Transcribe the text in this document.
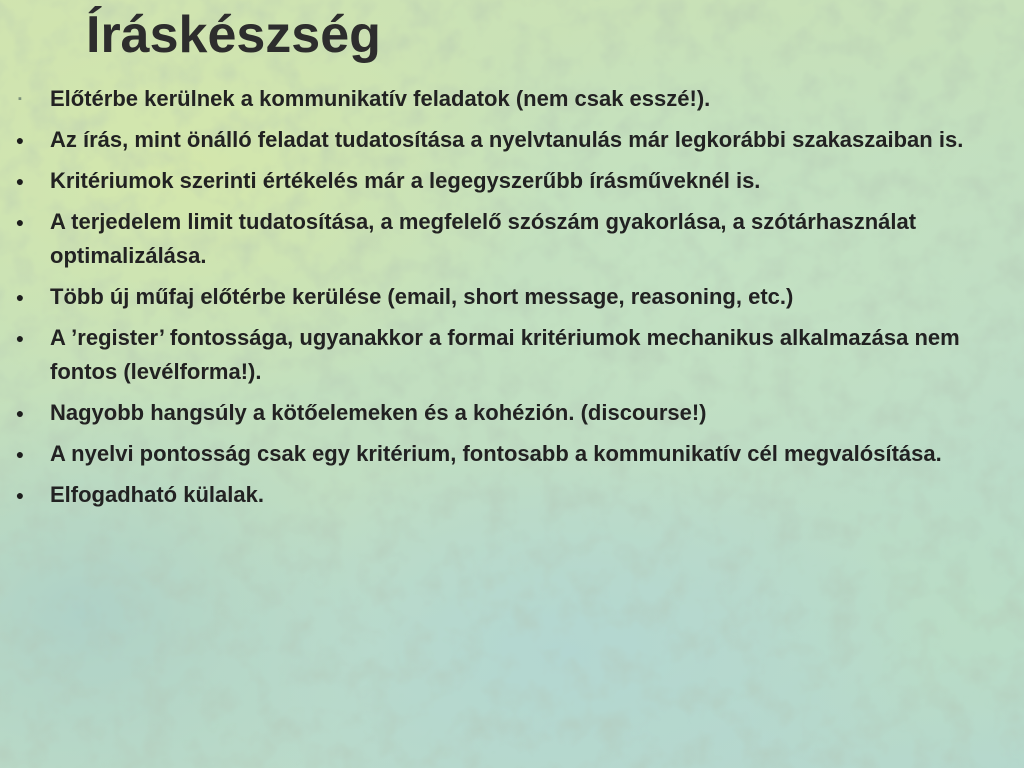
Íráskészség
▪ Előtérbe kerülnek a kommunikatív feladatok (nem csak esszé!).
● Az írás, mint önálló feladat tudatosítása a nyelvtanulás már legkorábbi szakaszaiban is.
● Kritériumok szerinti értékelés már a legegyszerűbb írásműveknél is.
● A terjedelem limit tudatosítása, a megfelelő szószám gyakorlása, a szótárhasználat optimalizálása.
● Több új műfaj előtérbe kerülése (email, short message, reasoning, etc.)
● A ’register’ fontossága, ugyanakkor a formai kritériumok mechanikus alkalmazása nem fontos (levélforma!).
● Nagyobb hangsúly a kötőelemeken és a kohézión. (discourse!)
● A nyelvi pontosság csak egy kritérium, fontosabb a kommunikatív cél megvalósítása.
● Elfogadható külalak.
